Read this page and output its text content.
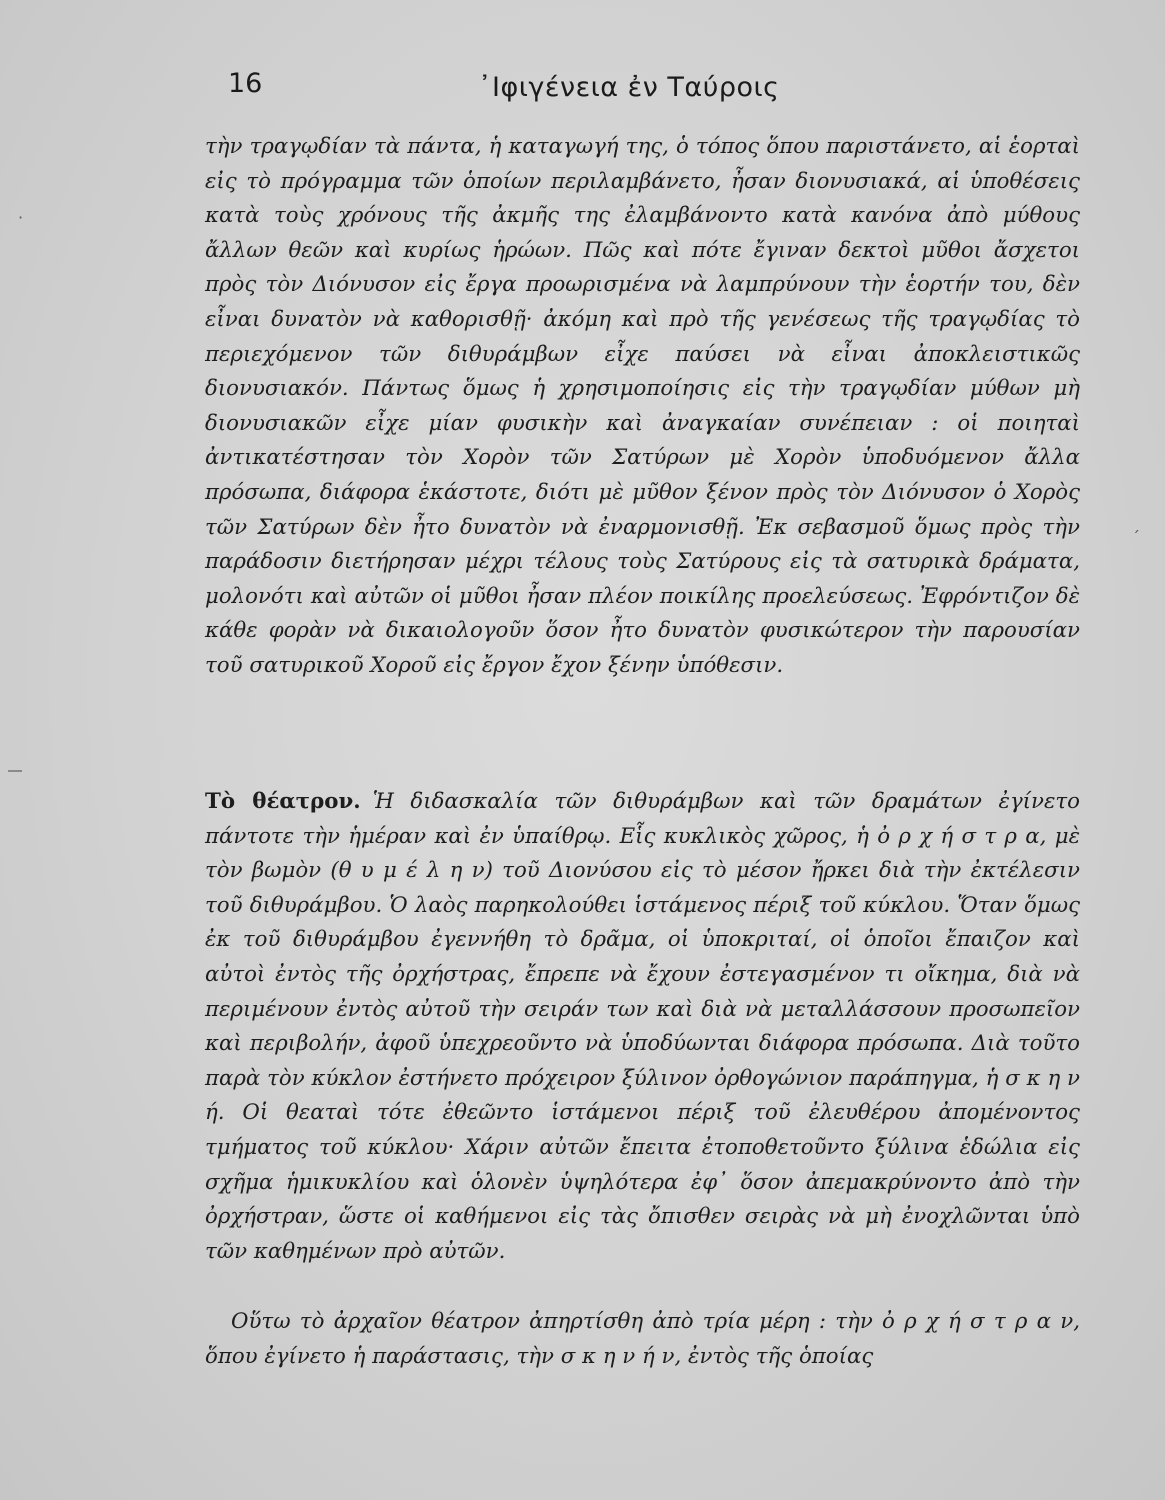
16	᾿Ιφιγένεια ἐν Ταύροις

τὴν τραγῳδίαν τὰ πάντα, ἡ καταγωγή της, ὁ τόπος ὅπου παριστάνετο, αἱ ἑορταὶ εἰς τὸ πρόγραμμα τῶν ὁποίων περιλαμβάνετο, ἦσαν διονυσιακά, αἱ ὑποθέσεις κατὰ τοὺς χρόνους τῆς ἀκμῆς της ἐλαμβάνοντο κατὰ κανόνα ἀπὸ μύθους ἄλλων θεῶν καὶ κυρίως ἡρώων. Πῶς καὶ πότε ἔγιναν δεκτοὶ μῦθοι ἄσχετοι πρὸς τὸν Διόνυσον εἰς ἔργα προωρισμένα νὰ λαμπρύνουν τὴν ἑορτήν του, δὲν εἶναι δυνατὸν νὰ καθορισθῇ· ἀκόμη καὶ πρὸ τῆς γενέσεως τῆς τραγῳδίας τὸ περιεχόμενον τῶν διθυράμβων εἶχε παύσει νὰ εἶναι ἀποκλειστικῶς διονυσιακόν. Πάντως ὅμως ἡ χρησιμοποίησις εἰς τὴν τραγῳδίαν μύθων μὴ διονυσιακῶν εἶχε μίαν φυσικὴν καὶ ἀναγκαίαν συνέπειαν : οἱ ποιηταὶ ἀντικατέστησαν τὸν Χορὸν τῶν Σατύρων μὲ Χορὸν ὑποδυόμενον ἄλλα πρόσωπα, διάφορα ἑκάστοτε, διότι μὲ μῦθον ξένον πρὸς τὸν Διόνυσον ὁ Χορὸς τῶν Σατύρων δὲν ἦτο δυνατὸν νὰ ἐναρμονισθῇ. Ἐκ σεβασμοῦ ὅμως πρὸς τὴν παράδοσιν διετήρησαν μέχρι τέλους τοὺς Σατύρους εἰς τὰ σατυρικὰ δράματα, μολονότι καὶ αὐτῶν οἱ μῦθοι ἦσαν πλέον ποικίλης προελεύσεως. Ἐφρόντιζον δὲ κάθε φορὰν νὰ δικαιολογοῦν ὅσον ἦτο δυνατὸν φυσικώτερον τὴν παρουσίαν τοῦ σατυρικοῦ Χοροῦ εἰς ἔργον ἔχον ξένην ὑπόθεσιν.

Τὸ θέατρον. Ἡ διδασκαλία τῶν διθυράμβων καὶ τῶν δραμάτων ἐγίνετο πάντοτε τὴν ἡμέραν καὶ ἐν ὑπαίθρῳ. Εἷς κυκλικὸς χῶρος, ἡ ὀ ρ χ ή σ τ ρ α, μὲ τὸν βωμὸν (θ υ μ έ λ η ν) τοῦ Διονύσου εἰς τὸ μέσον ἤρκει διὰ τὴν ἐκτέλεσιν τοῦ διθυράμβου. Ὁ λαὸς παρηκολούθει ἱστάμενος πέριξ τοῦ κύκλου. Ὅταν ὅμως ἐκ τοῦ διθυράμβου ἐγεννήθη τὸ δρᾶμα, οἱ ὑποκριταί, οἱ ὁποῖοι ἔπαιζον καὶ αὐτοὶ ἐντὸς τῆς ὀρχήστρας, ἔπρεπε νὰ ἔχουν ἐστεγασμένον τι οἴκημα, διὰ νὰ περιμένουν ἐντὸς αὐτοῦ τὴν σειράν των καὶ διὰ νὰ μεταλλάσσουν προσωπεῖον καὶ περιβολήν, ἀφοῦ ὑπεχρεοῦντο νὰ ὑποδύωνται διάφορα πρόσωπα. Διὰ τοῦτο παρὰ τὸν κύκλον ἐστήνετο πρόχειρον ξύλινον ὀρθογώνιον παράπηγμα, ἡ σ κ η ν ή. Οἱ θεαταὶ τότε ἐθεῶντο ἱστάμενοι πέριξ τοῦ ἐλευθέρου ἀπομένοντος τμήματος τοῦ κύκλου· Χάριν αὐτῶν ἔπειτα ἐτοποθετοῦντο ξύλινα ἑδώλια εἰς σχῆμα ἡμικυκλίου καὶ ὁλονὲν ὑψηλότερα ἐφ᾿ ὅσον ἀπεμακρύνοντο ἀπὸ τὴν ὀρχήστραν, ὥστε οἱ καθήμενοι εἰς τὰς ὄπισθεν σειρὰς νὰ μὴ ἐνοχλῶνται ὑπὸ τῶν καθημένων πρὸ αὐτῶν.

Οὕτω τὸ ἀρχαῖον θέατρον ἀπηρτίσθη ἀπὸ τρία μέρη : τὴν ὀ ρ χ ή σ τ ρ α ν, ὅπου ἐγίνετο ἡ παράστασις, τὴν σ κ η ν ή ν, ἐντὸς τῆς ὁποίας

·
ˊ
